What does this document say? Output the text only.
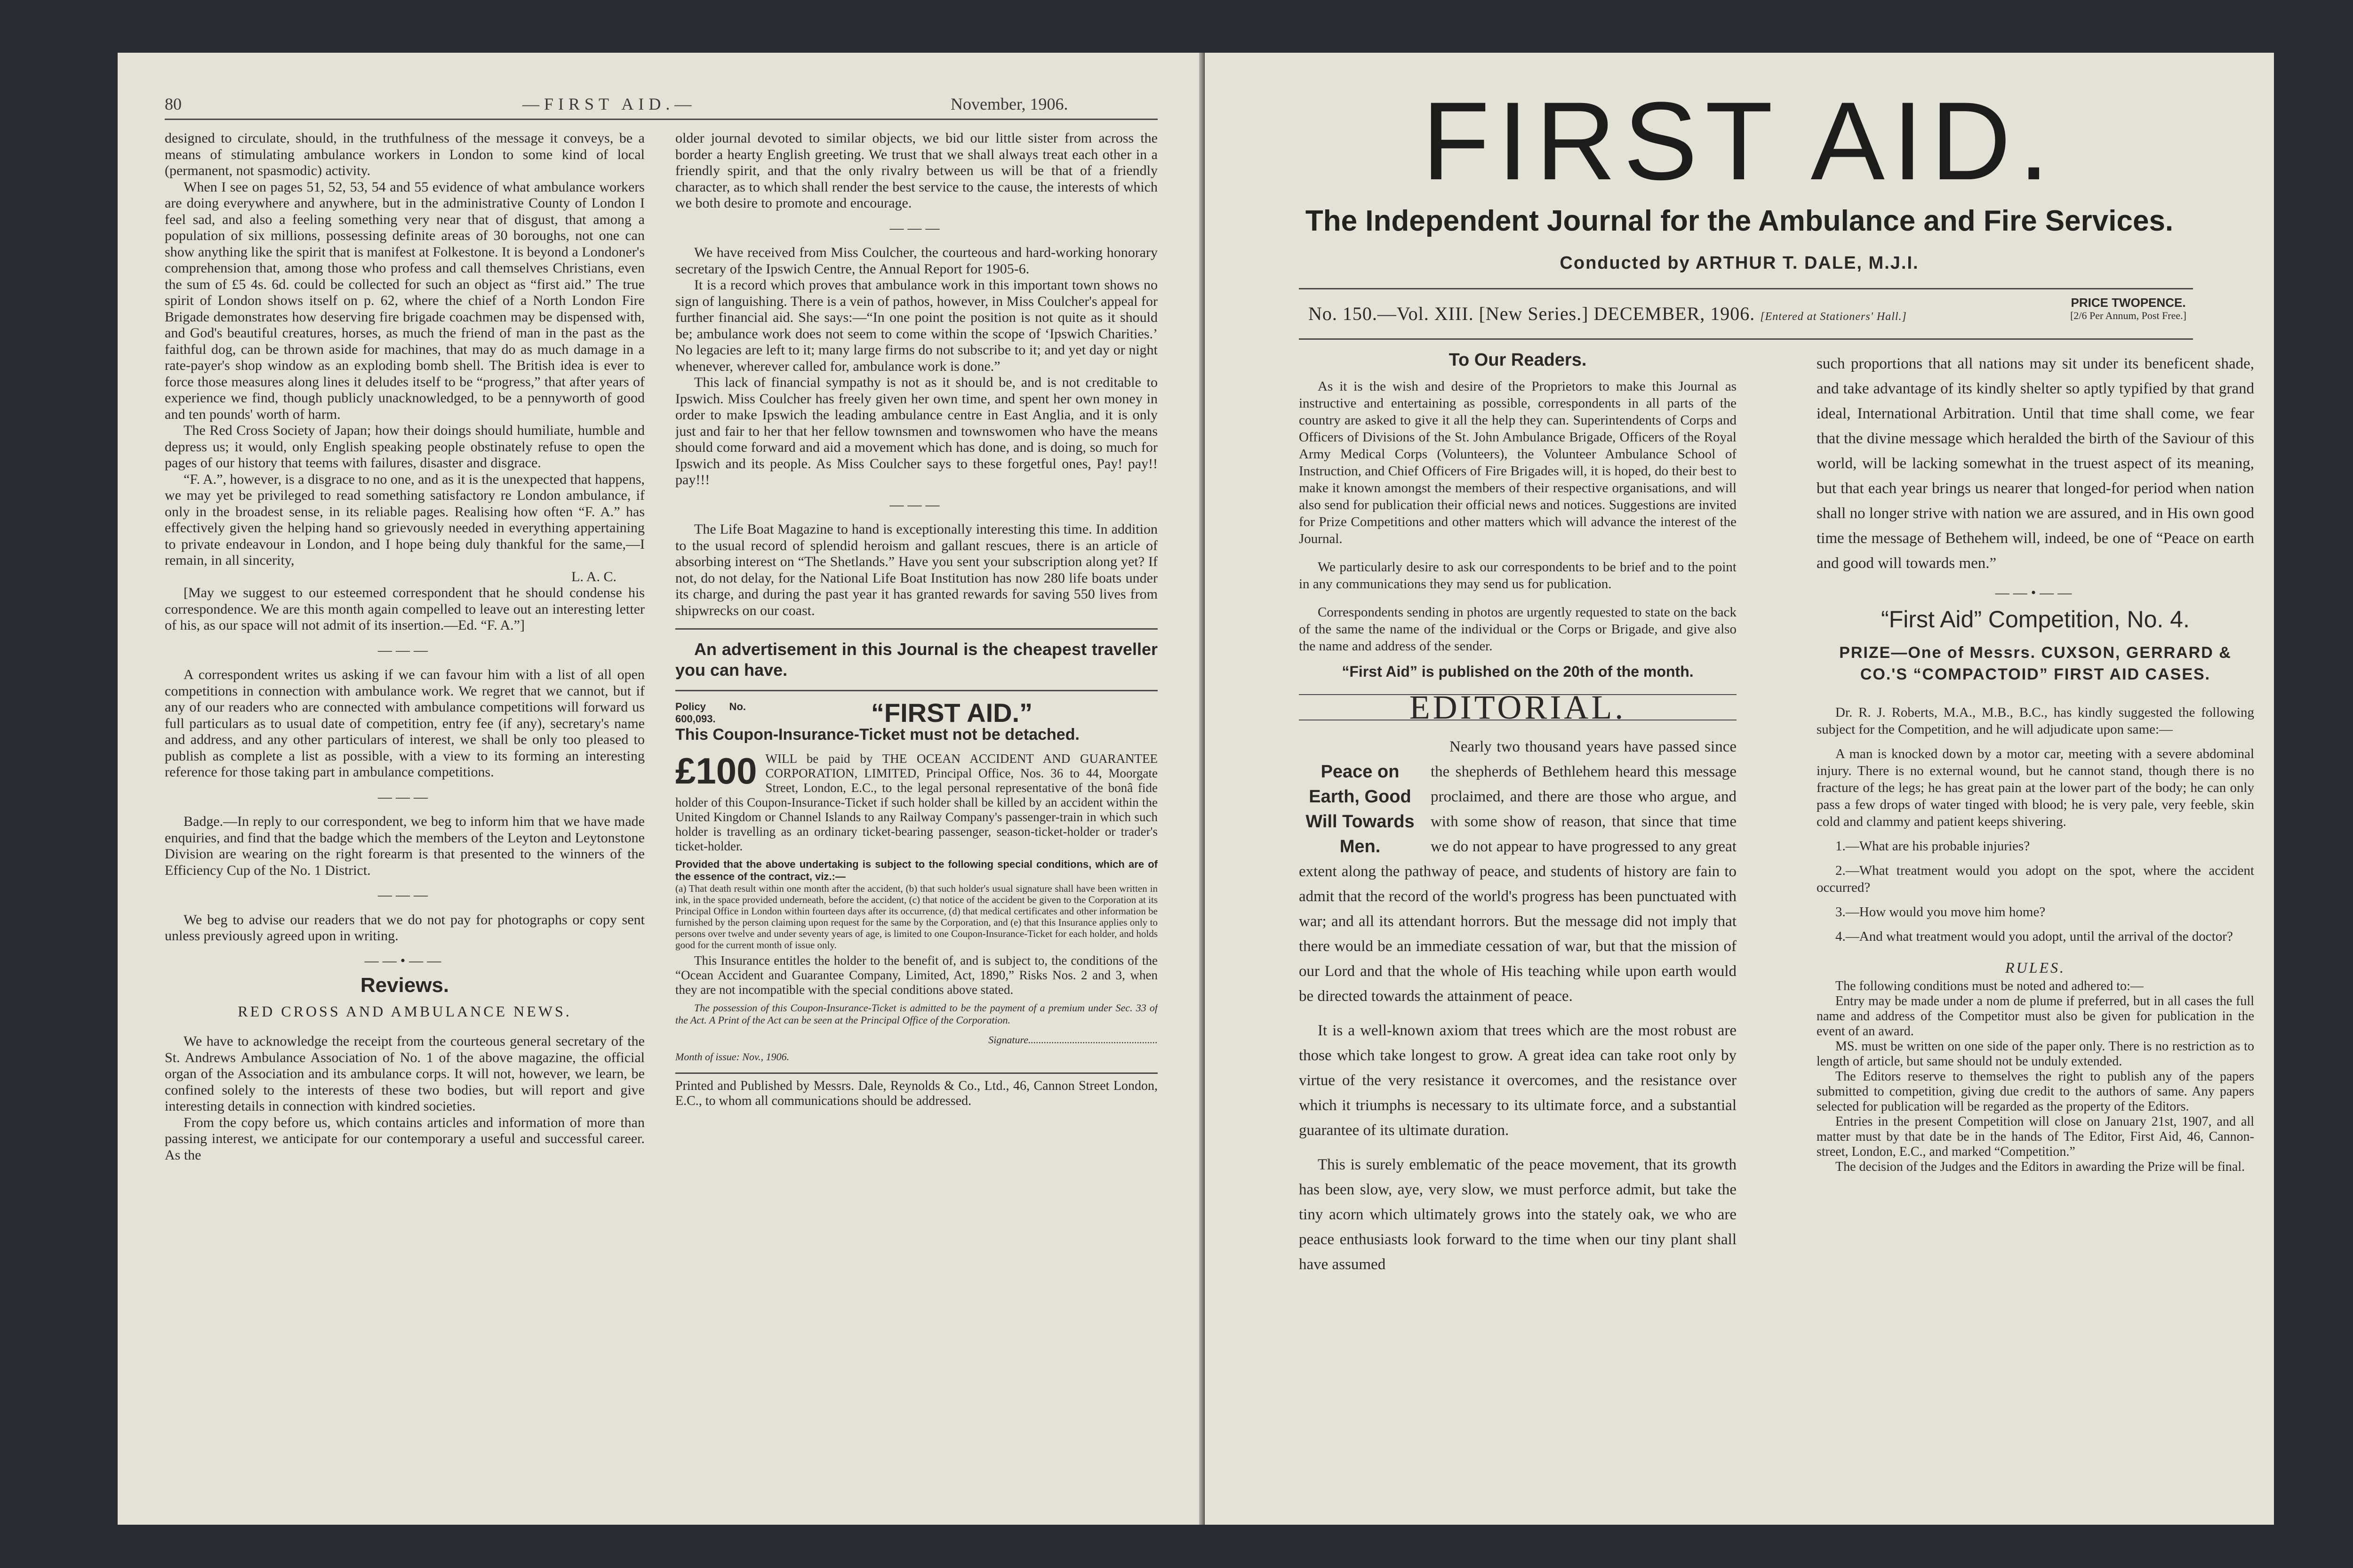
80	—FIRST AID.—	November, 1906.

designed to circulate, should, in the truthfulness of the message it conveys, be a means of stimulating ambulance workers in London to some kind of local (permanent, not spasmodic) activity.

When I see on pages 51, 52, 53, 54 and 55 evidence of what ambulance workers are doing everywhere and anywhere, but in the administrative County of London I feel sad, and also a feeling something very near that of disgust, that among a population of six millions, possessing definite areas of 30 boroughs, not one can show anything like the spirit that is manifest at Folkestone. It is beyond a Londoner's comprehension that, among those who profess and call themselves Christians, even the sum of £5 4s. 6d. could be collected for such an object as “first aid.” The true spirit of London shows itself on p. 62, where the chief of a North London Fire Brigade demonstrates how deserving fire brigade coachmen may be dispensed with, and God's beautiful creatures, horses, as much the friend of man in the past as the faithful dog, can be thrown aside for machines, that may do as much damage in a rate-payer's shop window as an exploding bomb shell. The British idea is ever to force those measures along lines it deludes itself to be “progress,” that after years of experience we find, though publicly unacknowledged, to be a pennyworth of good and ten pounds' worth of harm.

The Red Cross Society of Japan; how their doings should humiliate, humble and depress us; it would, only English speaking people obstinately refuse to open the pages of our history that teems with failures, disaster and disgrace.

“F. A.”, however, is a disgrace to no one, and as it is the unexpected that happens, we may yet be privileged to read something satisfactory re London ambulance, if only in the broadest sense, in its reliable pages. Realising how often “F. A.” has effectively given the helping hand so grievously needed in everything appertaining to private endeavour in London, and I hope being duly thankful for the same,—I remain, in all sincerity,

L. A. C.

[May we suggest to our esteemed correspondent that he should condense his correspondence. We are this month again compelled to leave out an interesting letter of his, as our space will not admit of its insertion.—Ed. “F. A.”]

———

A correspondent writes us asking if we can favour him with a list of all open competitions in connection with ambulance work. We regret that we cannot, but if any of our readers who are connected with ambulance competitions will forward us full particulars as to usual date of competition, entry fee (if any), secretary's name and address, and any other particulars of interest, we shall be only too pleased to publish as complete a list as possible, with a view to its forming an interesting reference for those taking part in ambulance competitions.

———

Badge.—In reply to our correspondent, we beg to inform him that we have made enquiries, and find that the badge which the members of the Leyton and Leytonstone Division are wearing on the right forearm is that presented to the winners of the Efficiency Cup of the No. 1 District.

———

We beg to advise our readers that we do not pay for photographs or copy sent unless previously agreed upon in writing.

——•——
Reviews.
RED CROSS AND AMBULANCE NEWS.

We have to acknowledge the receipt from the courteous general secretary of the St. Andrews Ambulance Association of No. 1 of the above magazine, the official organ of the Association and its ambulance corps. It will not, however, we learn, be confined solely to the interests of these two bodies, but will report and give interesting details in connection with kindred societies.

From the copy before us, which contains articles and information of more than passing interest, we anticipate for our contemporary a useful and successful career. As the

older journal devoted to similar objects, we bid our little sister from across the border a hearty English greeting. We trust that we shall always treat each other in a friendly spirit, and that the only rivalry between us will be that of a friendly character, as to which shall render the best service to the cause, the interests of which we both desire to promote and encourage.

———

We have received from Miss Coulcher, the courteous and hard-working honorary secretary of the Ipswich Centre, the Annual Report for 1905-6.

It is a record which proves that ambulance work in this important town shows no sign of languishing. There is a vein of pathos, however, in Miss Coulcher's appeal for further financial aid. She says:—“In one point the position is not quite as it should be; ambulance work does not seem to come within the scope of ‘Ipswich Charities.’ No legacies are left to it; many large firms do not subscribe to it; and yet day or night whenever, wherever called for, ambulance work is done.”

This lack of financial sympathy is not as it should be, and is not creditable to Ipswich. Miss Coulcher has freely given her own time, and spent her own money in order to make Ipswich the leading ambulance centre in East Anglia, and it is only just and fair to her that her fellow townsmen and townswomen who have the means should come forward and aid a movement which has done, and is doing, so much for Ipswich and its people. As Miss Coulcher says to these forgetful ones, Pay! pay!! pay!!!

———

The Life Boat Magazine to hand is exceptionally interesting this time. In addition to the usual record of splendid heroism and gallant rescues, there is an article of absorbing interest on “The Shetlands.” Have you sent your subscription along yet? If not, do not delay, for the National Life Boat Institution has now 280 life boats under its charge, and during the past year it has granted rewards for saving 550 lives from shipwrecks on our coast.

An advertisement in this Journal is the cheapest traveller you can have.

Policy No. 600,093.	“FIRST AID.”

This Coupon-Insurance-Ticket must not be detached.

£100 WILL be paid by THE OCEAN ACCIDENT AND GUARANTEE CORPORATION, LIMITED, Principal Office, Nos. 36 to 44, Moorgate Street, London, E.C., to the legal personal representative of the bonâ fide holder of this Coupon-Insurance-Ticket if such holder shall be killed by an accident within the United Kingdom or Channel Islands to any Railway Company's passenger-train in which such holder is travelling as an ordinary ticket-bearing passenger, season-ticket-holder or trader's ticket-holder.

Provided that the above undertaking is subject to the following special conditions, which are of the essence of the contract, viz.:—

(a) That death result within one month after the accident, (b) that such holder's usual signature shall have been written in ink, in the space provided underneath, before the accident, (c) that notice of the accident be given to the Corporation at its Principal Office in London within fourteen days after its occurrence, (d) that medical certificates and other information be furnished by the person claiming upon request for the same by the Corporation, and (e) that this Insurance applies only to persons over twelve and under seventy years of age, is limited to one Coupon-Insurance-Ticket for each holder, and holds good for the current month of issue only.

This Insurance entitles the holder to the benefit of, and is subject to, the conditions of the “Ocean Accident and Guarantee Company, Limited, Act, 1890,” Risks Nos. 2 and 3, when they are not incompatible with the special conditions above stated.

The possession of this Coupon-Insurance-Ticket is admitted to be the payment of a premium under Sec. 33 of the Act. A Print of the Act can be seen at the Principal Office of the Corporation.

Signature..................................................

Month of issue: Nov., 1906.

Printed and Published by Messrs. Dale, Reynolds & Co., Ltd., 46, Cannon Street London, E.C., to whom all communications should be addressed.

FIRST AID.
The Independent Journal for the Ambulance and Fire Services.
Conducted by ARTHUR T. DALE, M.J.I.
No. 150.—Vol. XIII. [New Series.] DECEMBER, 1906. [Entered at Stationers' Hall.]
PRICE TWOPENCE.
[2/6 Per Annum, Post Free.]
To Our Readers.

As it is the wish and desire of the Proprietors to make this Journal as instructive and entertaining as possible, correspondents in all parts of the country are asked to give it all the help they can. Superintendents of Corps and Officers of Divisions of the St. John Ambulance Brigade, Officers of the Royal Army Medical Corps (Volunteers), the Volunteer Ambulance School of Instruction, and Chief Officers of Fire Brigades will, it is hoped, do their best to make it known amongst the members of their respective organisations, and will also send for publication their official news and notices. Suggestions are invited for Prize Competitions and other matters which will advance the interest of the Journal.

We particularly desire to ask our correspondents to be brief and to the point in any communications they may send us for publication.

Correspondents sending in photos are urgently requested to state on the back of the same the name of the individual or the Corps or Brigade, and give also the name and address of the sender.

“First Aid” is published on the 20th of the month.

EDITORIAL.
Peace on Earth, Good Will Towards Men.

Nearly two thousand years have passed since the shepherds of Bethlehem heard this message proclaimed, and there are those who argue, and with some show of reason, that since that time we do not appear to have progressed to any great extent along the pathway of peace, and students of history are fain to admit that the record of the world's progress has been punctuated with war; and all its attendant horrors. But the message did not imply that there would be an immediate cessation of war, but that the mission of our Lord and that the whole of His teaching while upon earth would be directed towards the attainment of peace.

It is a well-known axiom that trees which are the most robust are those which take longest to grow. A great idea can take root only by virtue of the very resistance it overcomes, and the resistance over which it triumphs is necessary to its ultimate force, and a substantial guarantee of its ultimate duration.

This is surely emblematic of the peace movement, that its growth has been slow, aye, very slow, we must perforce admit, but take the tiny acorn which ultimately grows into the stately oak, we who are peace enthusiasts look forward to the time when our tiny plant shall have assumed

such proportions that all nations may sit under its beneficent shade, and take advantage of its kindly shelter so aptly typified by that grand ideal, International Arbitration. Until that time shall come, we fear that the divine message which heralded the birth of the Saviour of this world, will be lacking somewhat in the truest aspect of its meaning, but that each year brings us nearer that longed-for period when nation shall no longer strive with nation we are assured, and in His own good time the message of Bethehem will, indeed, be one of “Peace on earth and good will towards men.”

——•——
“First Aid” Competition, No. 4.
PRIZE—One of Messrs. CUXSON, GERRARD & CO.'S “COMPACTOID” FIRST AID CASES.

Dr. R. J. Roberts, M.A., M.B., B.C., has kindly suggested the following subject for the Competition, and he will adjudicate upon same:—

A man is knocked down by a motor car, meeting with a severe abdominal injury. There is no external wound, but he cannot stand, though there is no fracture of the legs; he has great pain at the lower part of the body; he can only pass a few drops of water tinged with blood; he is very pale, very feeble, skin cold and clammy and patient keeps shivering.

1.—What are his probable injuries?

2.—What treatment would you adopt on the spot, where the accident occurred?

3.—How would you move him home?

4.—And what treatment would you adopt, until the arrival of the doctor?

RULES.

The following conditions must be noted and adhered to:—

Entry may be made under a nom de plume if preferred, but in all cases the full name and address of the Competitor must also be given for publication in the event of an award.

MS. must be written on one side of the paper only. There is no restriction as to length of article, but same should not be unduly extended.

The Editors reserve to themselves the right to publish any of the papers submitted to competition, giving due credit to the authors of same. Any papers selected for publication will be regarded as the property of the Editors.

Entries in the present Competition will close on January 21st, 1907, and all matter must by that date be in the hands of The Editor, First Aid, 46, Cannon-street, London, E.C., and marked “Competition.”

The decision of the Judges and the Editors in awarding the Prize will be final.
